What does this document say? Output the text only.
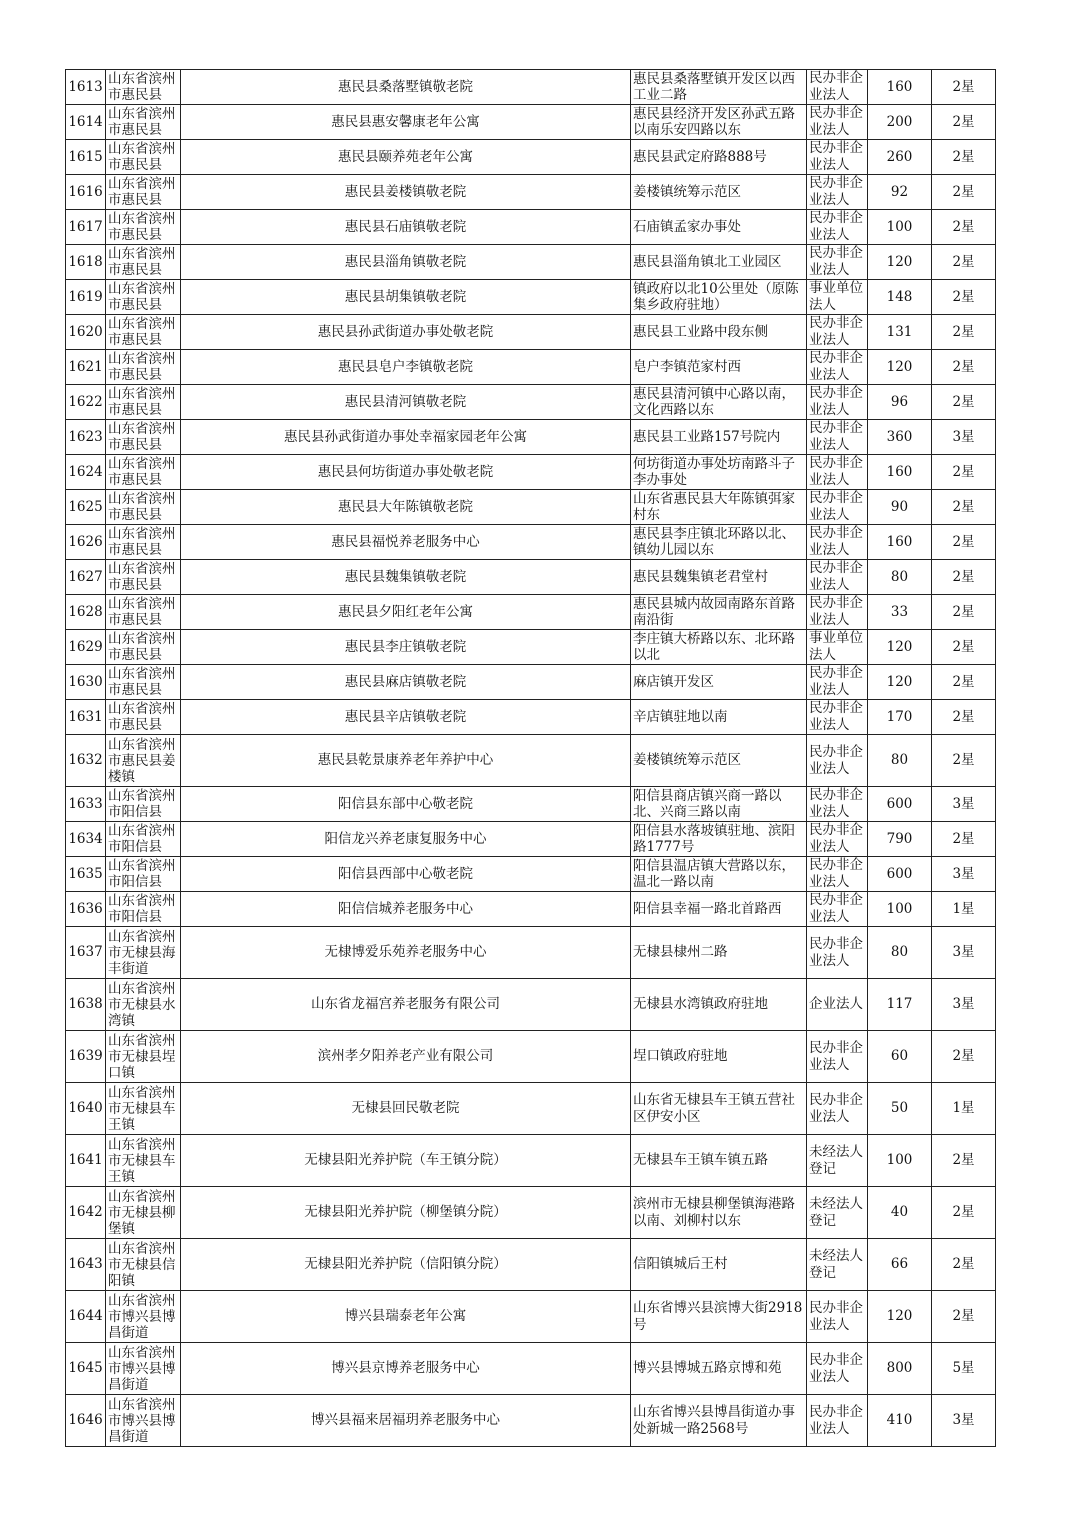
1613	山东省滨州市惠民县	惠民县桑落墅镇敬老院	惠民县桑落墅镇开发区以西工业二路	民办非企业法人	160	2星
1614	山东省滨州市惠民县	惠民县惠安馨康老年公寓	惠民县经济开发区孙武五路以南乐安四路以东	民办非企业法人	200	2星
1615	山东省滨州市惠民县	惠民县颐养苑老年公寓	惠民县武定府路888号	民办非企业法人	260	2星
1616	山东省滨州市惠民县	惠民县姜楼镇敬老院	姜楼镇统筹示范区	民办非企业法人	92	2星
1617	山东省滨州市惠民县	惠民县石庙镇敬老院	石庙镇孟家办事处	民办非企业法人	100	2星
1618	山东省滨州市惠民县	惠民县淄角镇敬老院	惠民县淄角镇北工业园区	民办非企业法人	120	2星
1619	山东省滨州市惠民县	惠民县胡集镇敬老院	镇政府以北10公里处（原陈集乡政府驻地）	事业单位法人	148	2星
1620	山东省滨州市惠民县	惠民县孙武街道办事处敬老院	惠民县工业路中段东侧	民办非企业法人	131	2星
1621	山东省滨州市惠民县	惠民县皂户李镇敬老院	皂户李镇范家村西	民办非企业法人	120	2星
1622	山东省滨州市惠民县	惠民县清河镇敬老院	惠民县清河镇中心路以南，文化西路以东	民办非企业法人	96	2星
1623	山东省滨州市惠民县	惠民县孙武街道办事处幸福家园老年公寓	惠民县工业路157号院内	民办非企业法人	360	3星
1624	山东省滨州市惠民县	惠民县何坊街道办事处敬老院	何坊街道办事处坊南路斗子李办事处	民办非企业法人	160	2星
1625	山东省滨州市惠民县	惠民县大年陈镇敬老院	山东省惠民县大年陈镇弭家村东	民办非企业法人	90	2星
1626	山东省滨州市惠民县	惠民县福悦养老服务中心	惠民县李庄镇北环路以北、镇幼儿园以东	民办非企业法人	160	2星
1627	山东省滨州市惠民县	惠民县魏集镇敬老院	惠民县魏集镇老君堂村	民办非企业法人	80	2星
1628	山东省滨州市惠民县	惠民县夕阳红老年公寓	惠民县城内故园南路东首路南沿街	民办非企业法人	33	2星
1629	山东省滨州市惠民县	惠民县李庄镇敬老院	李庄镇大桥路以东、北环路以北	事业单位法人	120	2星
1630	山东省滨州市惠民县	惠民县麻店镇敬老院	麻店镇开发区	民办非企业法人	120	2星
1631	山东省滨州市惠民县	惠民县辛店镇敬老院	辛店镇驻地以南	民办非企业法人	170	2星
1632	山东省滨州市惠民县姜楼镇	惠民县乾景康养老年养护中心	姜楼镇统筹示范区	民办非企业法人	80	2星
1633	山东省滨州市阳信县	阳信县东部中心敬老院	阳信县商店镇兴商一路以北、兴商三路以南	民办非企业法人	600	3星
1634	山东省滨州市阳信县	阳信龙兴养老康复服务中心	阳信县水落坡镇驻地、滨阳路1777号	民办非企业法人	790	2星
1635	山东省滨州市阳信县	阳信县西部中心敬老院	阳信县温店镇大营路以东，温北一路以南	民办非企业法人	600	3星
1636	山东省滨州市阳信县	阳信信城养老服务中心	阳信县幸福一路北首路西	民办非企业法人	100	1星
1637	山东省滨州市无棣县海丰街道	无棣博爱乐苑养老服务中心	无棣县棣州二路	民办非企业法人	80	3星
1638	山东省滨州市无棣县水湾镇	山东省龙福宫养老服务有限公司	无棣县水湾镇政府驻地	企业法人	117	3星
1639	山东省滨州市无棣县埕口镇	滨州孝夕阳养老产业有限公司	埕口镇政府驻地	民办非企业法人	60	2星
1640	山东省滨州市无棣县车王镇	无棣县回民敬老院	山东省无棣县车王镇五营社区伊安小区	民办非企业法人	50	1星
1641	山东省滨州市无棣县车王镇	无棣县阳光养护院（车王镇分院）	无棣县车王镇车镇五路	未经法人登记	100	2星
1642	山东省滨州市无棣县柳堡镇	无棣县阳光养护院（柳堡镇分院）	滨州市无棣县柳堡镇海港路以南、刘柳村以东	未经法人登记	40	2星
1643	山东省滨州市无棣县信阳镇	无棣县阳光养护院（信阳镇分院）	信阳镇城后王村	未经法人登记	66	2星
1644	山东省滨州市博兴县博昌街道	博兴县瑞泰老年公寓	山东省博兴县滨博大街2918号	民办非企业法人	120	2星
1645	山东省滨州市博兴县博昌街道	博兴县京博养老服务中心	博兴县博城五路京博和苑	民办非企业法人	800	5星
1646	山东省滨州市博兴县博昌街道	博兴县福来居福玥养老服务中心	山东省博兴县博昌街道办事处新城一路2568号	民办非企业法人	410	3星
